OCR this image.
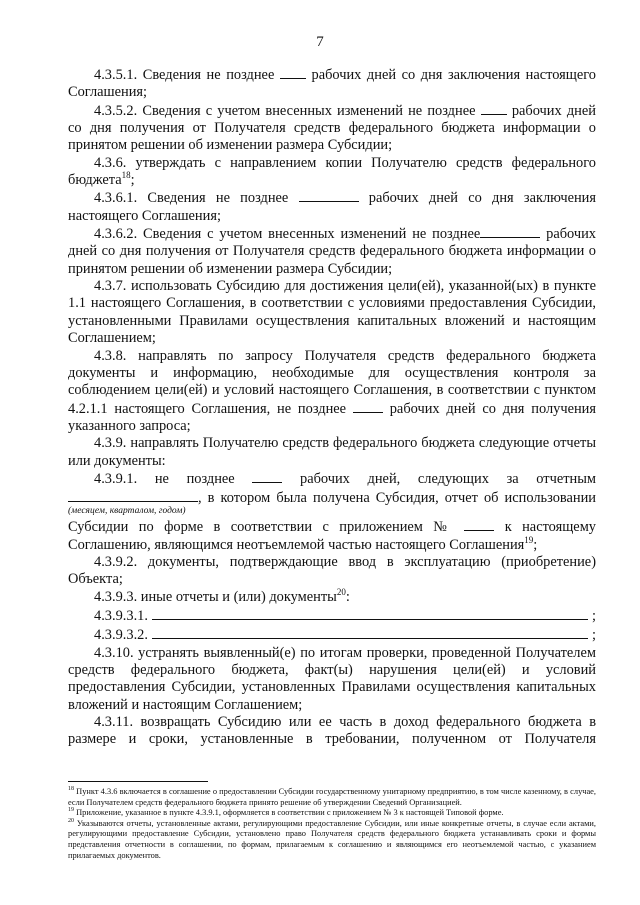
7

4.3.5.1. Сведения не позднее	рабочих дней со дня заключения настоящего Соглашения;

4.3.5.2. Сведения с учетом внесенных изменений не позднее	рабочих дней со дня получения от Получателя средств федерального бюджета информации о принятом решении об изменении размера Субсидии;

4.3.6. утверждать с направлением копии Получателю средств федерального бюджета$^{18}$;

4.3.6.1. Сведения не позднее	рабочих дней со дня заключения настоящего Соглашения;

4.3.6.2. Сведения с учетом внесенных изменений не позднее	рабочих дней со дня получения от Получателя средств федерального бюджета информации о принятом решении об изменении размера Субсидии;

4.3.7. использовать Субсидию для достижения цели(ей), указанной(ых) в пункте 1.1 настоящего Соглашения, в соответствии с условиями предоставления Субсидии, установленными Правилами осуществления капитальных вложений и настоящим Соглашением;

4.3.8. направлять по запросу Получателя средств федерального бюджета документы и информацию, необходимые для осуществления контроля за соблюдением цели(ей) и условий настоящего Соглашения, в соответствии с пунктом 4.2.1.1 настоящего Соглашения, не позднее	рабочих дней со дня получения указанного запроса;

4.3.9. направлять Получателю средств федерального бюджета следующие отчеты или документы:

4.3.9.1. не позднее	рабочих дней, следующих за отчетным

, в котором была получена Субсидия, отчет об использовании

(месяцем, кварталом, годом)

Субсидии по форме в соответствии с приложением №	к настоящему Соглашению, являющимся неотъемлемой частью настоящего Соглашения$^{19}$;

4.3.9.2. документы, подтверждающие ввод в эксплуатацию (приобретение) Объекта;

4.3.9.3. иные отчеты и (или) документы$^{20}$:

4.3.9.3.1.	;
4.3.9.3.2.	;

4.3.10. устранять выявленный(е) по итогам проверки, проведенной Получателем средств федерального бюджета, факт(ы) нарушения цели(ей) и условий предоставления Субсидии, установленных Правилами осуществления капитальных вложений и настоящим Соглашением;

4.3.11. возвращать Субсидию или ее часть в доход федерального бюджета в размере и сроки, установленные в требовании, полученном от Получателя

$^{18}$ Пункт 4.3.6 включается в соглашение о предоставлении Субсидии государственному унитарному предприятию, в том числе казенному, в случае, если Получателем средств федерального бюджета принято решение об утверждении Сведений Организацией.

$^{19}$ Приложение, указанное в пункте 4.3.9.1, оформляется в соответствии с приложением № 3 к настоящей Типовой форме.

$^{20}$ Указываются отчеты, установленные актами, регулирующими предоставление Субсидии, или иные конкретные отчеты, в случае если актами, регулирующими предоставление Субсидии, установлено право Получателя средств федерального бюджета устанавливать сроки и формы представления отчетности в соглашении, по формам, прилагаемым к соглашению и являющимся его неотъемлемой частью, с указанием прилагаемых документов.
